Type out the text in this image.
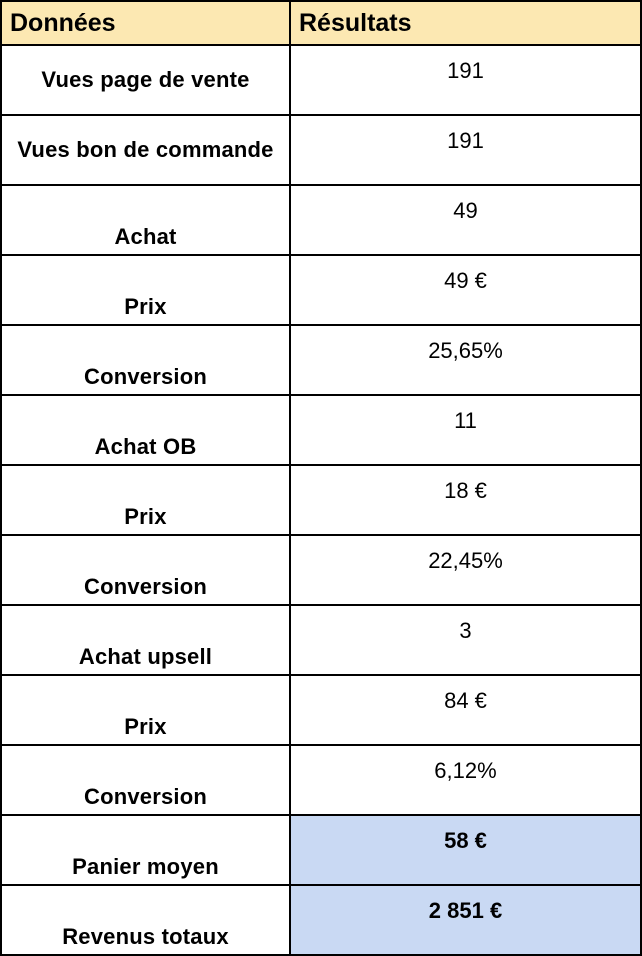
Données	Résultats
Vues page de vente	191

Vues bon de commande	191
Achat	49
Prix	49 €
Conversion	25,65%
Achat OB	11
Prix	18 €
Conversion	22,45%
Achat upsell	3
Prix	84 €
Conversion	6,12%
Panier moyen	58 €
Revenus totaux	2 851 €
